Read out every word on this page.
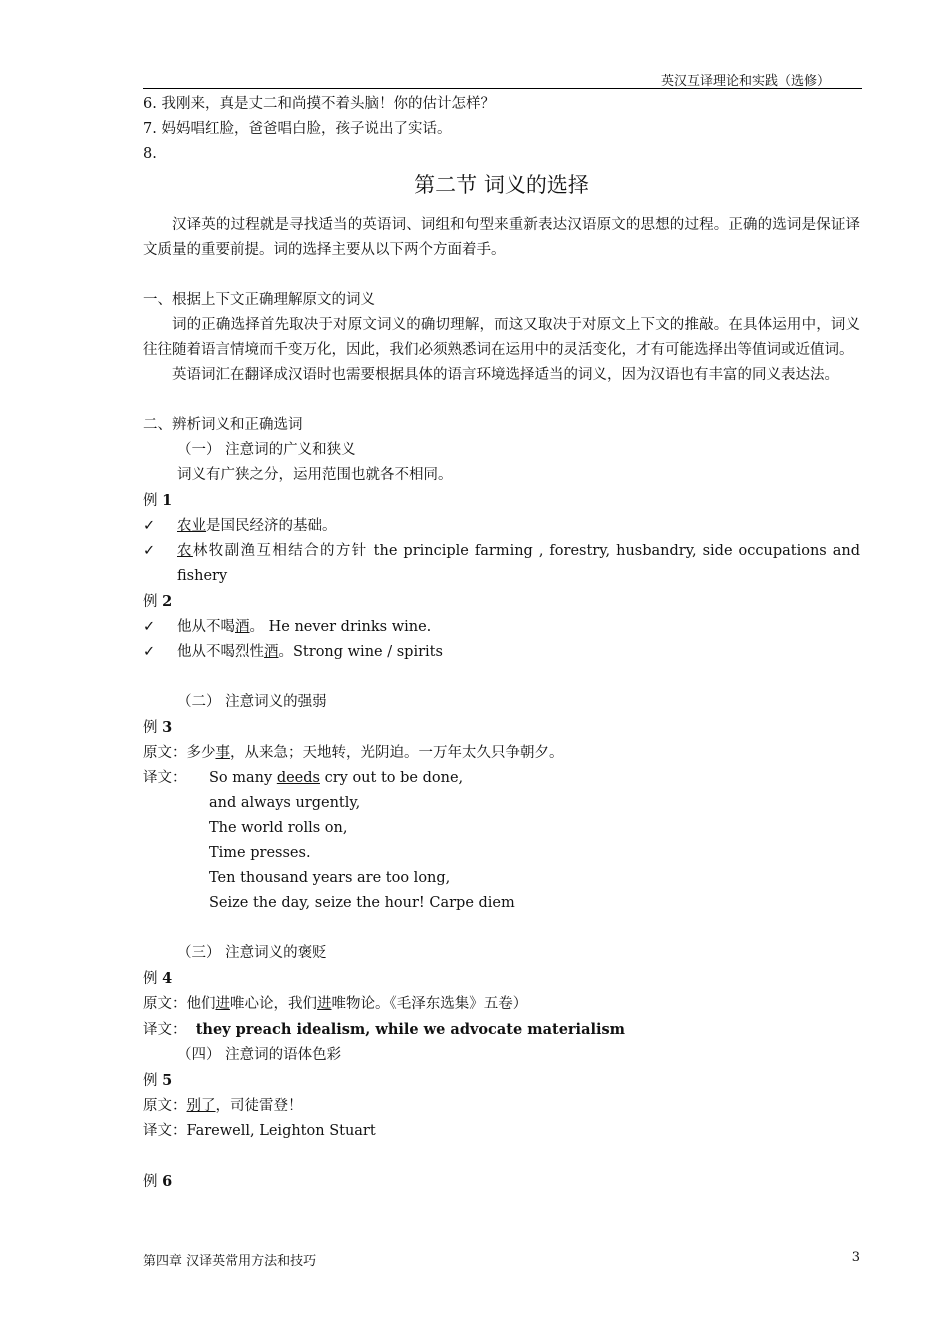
英汉互译理论和实践（选修）
6. 我刚来，真是丈二和尚摸不着头脑！你的估计怎样？
7. 妈妈唱红脸，爸爸唱白脸，孩子说出了实话。
8.
第二节 词义的选择
汉译英的过程就是寻找适当的英语词、词组和句型来重新表达汉语原文的思想的过程。正确的选词是保证译文质量的重要前提。词的选择主要从以下两个方面着手。
一、根据上下文正确理解原文的词义
词的正确选择首先取决于对原文词义的确切理解，而这又取决于对原文上下文的推敲。在具体运用中，词义往往随着语言情境而千变万化，因此，我们必须熟悉词在运用中的灵活变化，才有可能选择出等值词或近值词。
英语词汇在翻译成汉语时也需要根据具体的语言环境选择适当的词义，因为汉语也有丰富的同义表达法。
二、辨析词义和正确选词
（一） 注意词的广义和狭义
词义有广狭之分，运用范围也就各不相同。
例 1
✓	农业是国民经济的基础。
✓	农林牧副渔互相结合的方针 the principle farming , forestry, husbandry, side occupations and fishery
例 2
✓	他从不喝酒。 He never drinks wine.
✓	他从不喝烈性酒。Strong wine / spirits
（二） 注意词义的强弱
例 3
原文：多少事，从来急；天地转，光阴迫。一万年太久只争朝夕。
译文：	So many deeds cry out to be done,
and always urgently,
The world rolls on,
Time presses.
Ten thousand years are too long,
Seize the day, seize the hour! Carpe diem
（三） 注意词义的褒贬
例 4
原文：他们进唯心论，我们进唯物论。《毛泽东选集》五卷）
译文：  they preach idealism, while we advocate materialism
（四） 注意词的语体色彩
例 5
原文：别了，司徒雷登！
译文：Farewell, Leighton Stuart
例 6
第四章 汉译英常用方法和技巧	3
